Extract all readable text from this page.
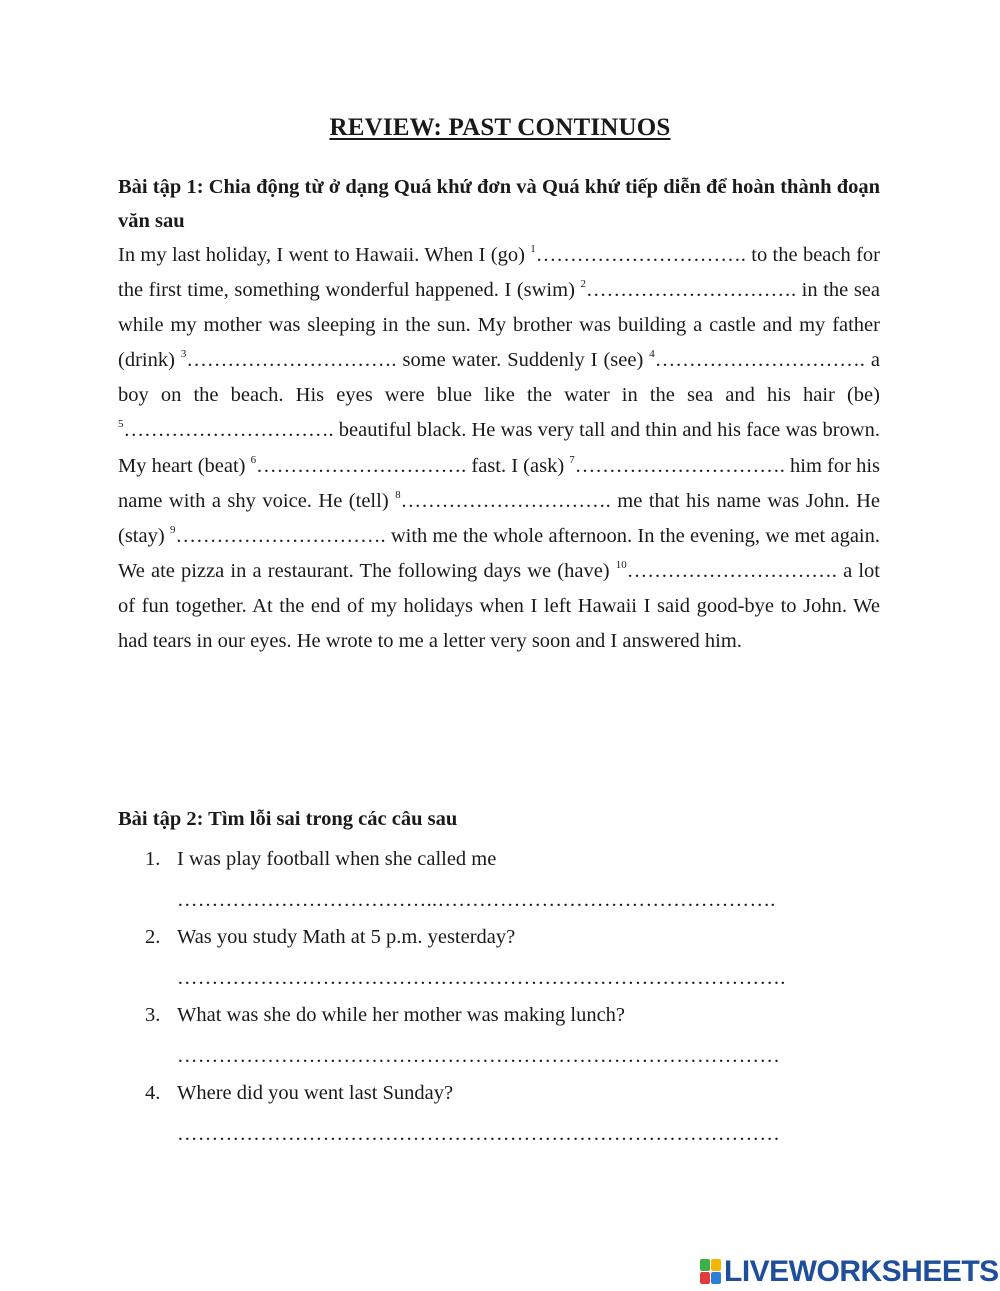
REVIEW: PAST CONTINUOS
Bài tập 1: Chia động từ ở dạng Quá khứ đơn và Quá khứ tiếp diễn để hoàn thành đoạn văn sau
In my last holiday, I went to Hawaii. When I (go) $^1$…………………………. to the beach for the first time, something wonderful happened. I (swim) $^2$…………………………. in the sea while my mother was sleeping in the sun. My brother was building a castle and my father (drink) $^3$…………………………. some water. Suddenly I (see) $^4$…………………………. a boy on the beach. His eyes were blue like the water in the sea and his hair (be) $^5$…………………………. beautiful black. He was very tall and thin and his face was brown. My heart (beat) $^6$…………………………. fast. I (ask) $^7$…………………………. him for his name with a shy voice. He (tell) $^8$…………………………. me that his name was John. He (stay) $^9$…………………………. with me the whole afternoon. In the evening, we met again. We ate pizza in a restaurant. The following days we (have) $^{10}$…………………………. a lot of fun together. At the end of my holidays when I left Hawaii I said good-bye to John. We had tears in our eyes. He wrote to me a letter very soon and I answered him.
Bài tập 2: Tìm lỗi sai trong các câu sau
1. I was play football when she called me
………………………………..………………………………………….
2. Was you study Math at 5 p.m. yesterday?
…………………………………………………………………………….
3. What was she do while her mother was making lunch?
……………………………………………………………………………
4. Where did you went last Sunday?
……………………………………………………………………………
LIVEWORKSHEETS
